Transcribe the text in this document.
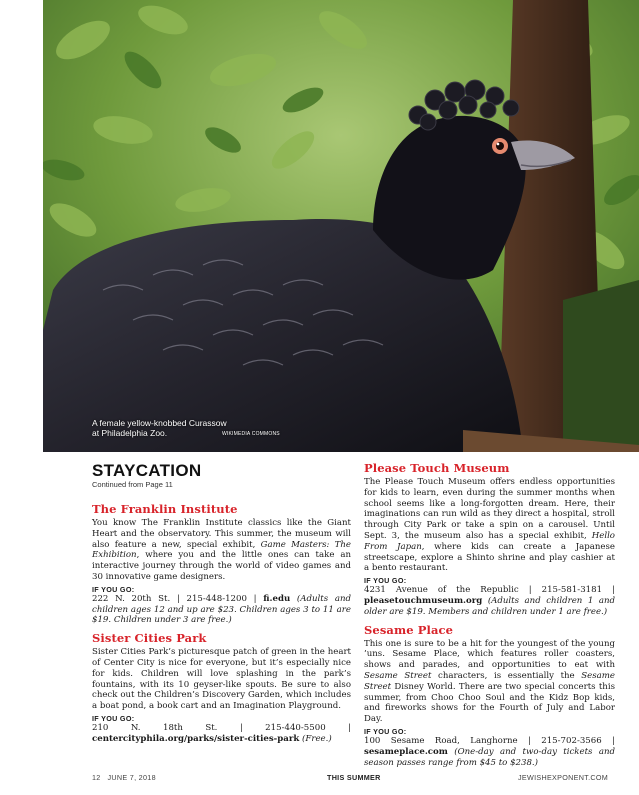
A female yellow-knobbed Curassow
at Philadelphia Zoo.	WIKIMEDIA COMMONS
STAYCATION
Continued from Page 11
The Franklin Institute

You know The Franklin Institute classics like the Giant Heart and the observatory. This summer, the museum will also feature a new, special exhibit, Game Masters: The Exhibition, where you and the little ones can take an interactive journey through the world of video games and 30 innovative game designers.

IF YOU GO:

222 N. 20th St. | 215-448-1200 | fi.edu (Adults and children ages 12 and up are $23. Children ages 3 to 11 are $19. Children under 3 are free.)

Sister Cities Park

Sister Cities Park’s picturesque patch of green in the heart of Center City is nice for everyone, but it’s especially nice for kids. Children will love splashing in the park’s fountains, with its 10 geyser-like spouts. Be sure to also check out the Children’s Discovery Garden, which includes a boat pond, a book cart and an Imagination Playground.

IF YOU GO:

210 N. 18th St. | 215-440-5500 | centercityphila.org/parks/sister-cities-park (Free.)

Please Touch Museum

The Please Touch Museum offers endless opportunities for kids to learn, even during the summer months when school seems like a long-forgotten dream. Here, their imaginations can run wild as they direct a hospital, stroll through City Park or take a spin on a carousel. Until Sept. 3, the museum also has a special exhibit, Hello From Japan, where kids can create a Japanese streetscape, explore a Shinto shrine and play cashier at a bento restaurant.

IF YOU GO:

4231 Avenue of the Republic | 215-581-3181 | pleasetouchmuseum.org (Adults and children 1 and older are $19. Members and children under 1 are free.)

Sesame Place

This one is sure to be a hit for the youngest of the young ’uns. Sesame Place, which features roller coasters, shows and parades, and opportunities to eat with Sesame Street characters, is essentially the Sesame Street Disney World. There are two special concerts this summer, from Choo Choo Soul and the Kidz Bop kids, and fireworks shows for the Fourth of July and Labor Day.

IF YOU GO:

100 Sesame Road, Langhorne | 215-702-3566 | sesameplace.com (One-day and two-day tickets and season passes range from $45 to $238.)

12 JUNE 7, 2018	THIS SUMMER	JEWISHEXPONENT.COM
